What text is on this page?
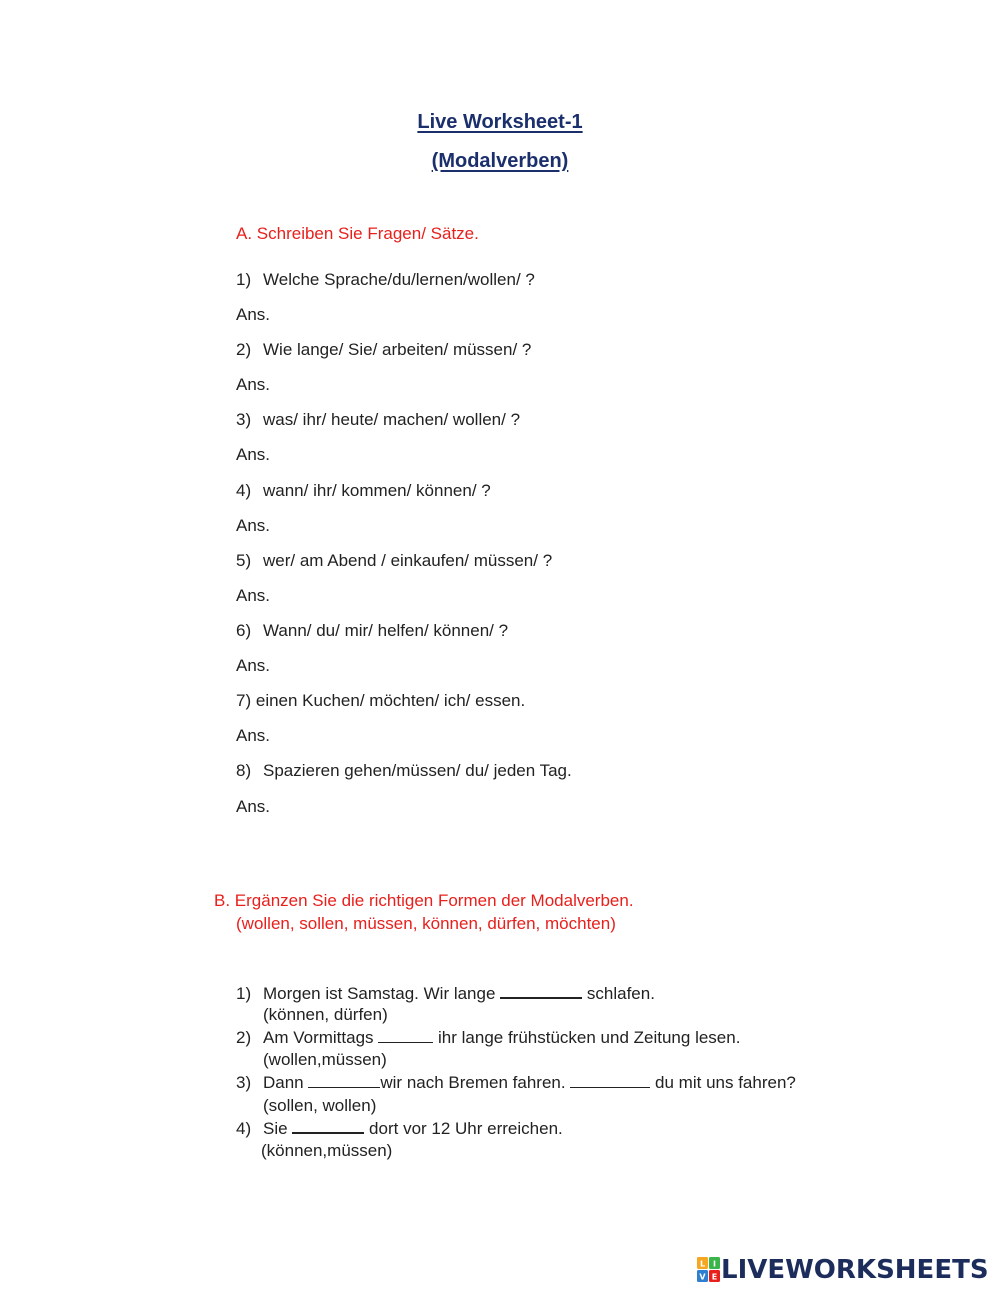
Live Worksheet-1
(Modalverben)
A. Schreiben Sie Fragen/ Sätze.
1) Welche Sprache/du/lernen/wollen/ ?
Ans.
2) Wie lange/ Sie/ arbeiten/ müssen/ ?
Ans.
3) was/ ihr/ heute/ machen/ wollen/ ?
Ans.
4) wann/ ihr/ kommen/ können/ ?
Ans.
5) wer/ am Abend / einkaufen/ müssen/ ?
Ans.
6) Wann/ du/ mir/ helfen/ können/ ?
Ans.
7) einen Kuchen/ möchten/ ich/ essen.
Ans.
8) Spazieren gehen/müssen/ du/ jeden Tag.
Ans.
B. Ergänzen Sie die richtigen Formen der Modalverben.
(wollen, sollen, müssen, können, dürfen, möchten)
1) Morgen ist Samstag. Wir lange	schlafen.
(können, dürfen)
2) Am Vormittags	ihr lange frühstücken und Zeitung lesen.
(wollen,müssen)
3) Dann	wir nach Bremen fahren.	du mit uns fahren?
(sollen, wollen)
4) Sie	dort vor 12 Uhr erreichen.
(können,müssen)
L I
V E LIVEWORKSHEETS
